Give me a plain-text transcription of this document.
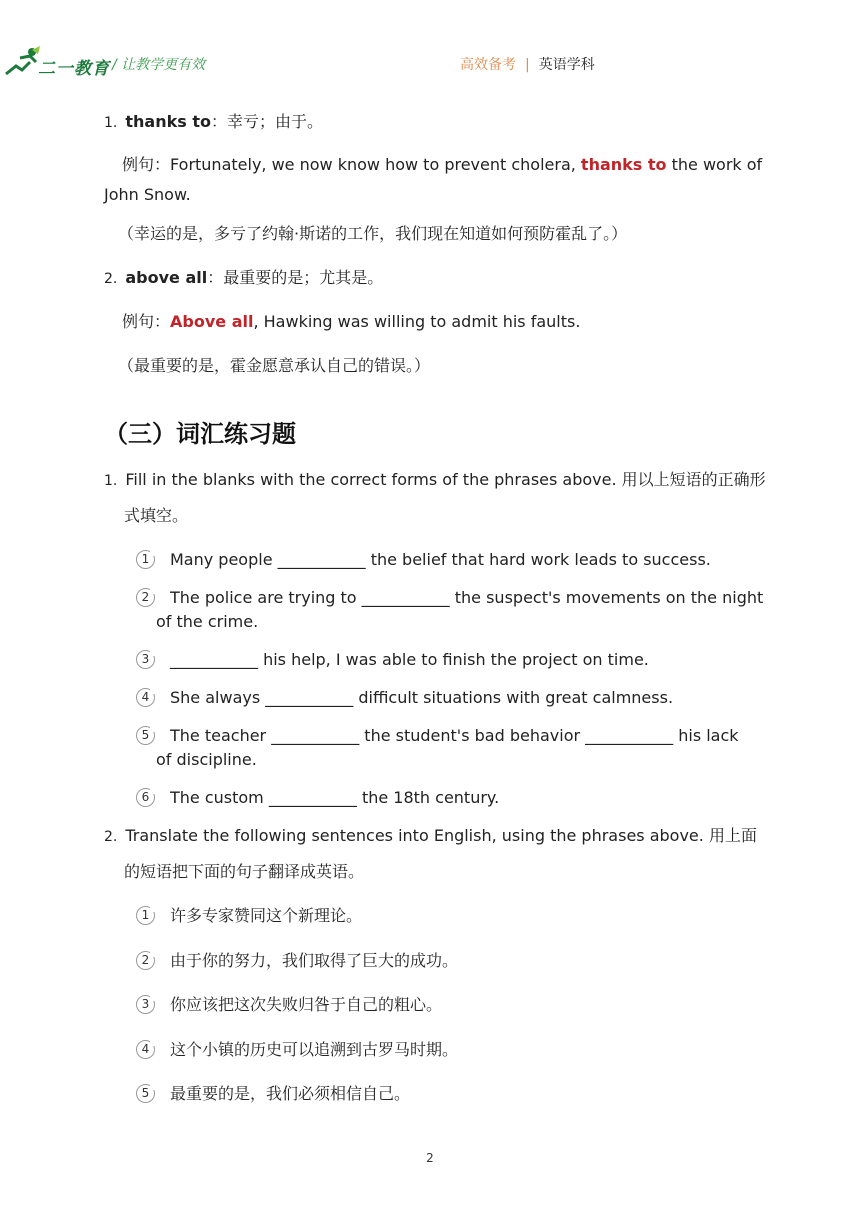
二一教育 / 让教学更有效	高效备考 | 英语学科
1. thanks to：幸亏；由于。
例句：Fortunately, we now know how to prevent cholera, thanks to the work of
John Snow.
（幸运的是，多亏了约翰·斯诺的工作，我们现在知道如何预防霍乱了。）
2. above all：最重要的是；尤其是。
例句：Above all, Hawking was willing to admit his faults.
（最重要的是，霍金愿意承认自己的错误。）
（三）词汇练习题
1. Fill in the blanks with the correct forms of the phrases above. 用以上短语的正确形
式填空。
1	Many people ___________ the belief that hard work leads to success.
2	The police are trying to ___________ the suspect's movements on the night
of the crime.
3	___________ his help, I was able to finish the project on time.
4	She always ___________ difficult situations with great calmness.
5	The teacher ___________ the student's bad behavior ___________ his lack
of discipline.
6	The custom ___________ the 18th century.
2. Translate the following sentences into English, using the phrases above. 用上面
的短语把下面的句子翻译成英语。
1	许多专家赞同这个新理论。
2	由于你的努力，我们取得了巨大的成功。
3	你应该把这次失败归咎于自己的粗心。
4	这个小镇的历史可以追溯到古罗马时期。
5	最重要的是，我们必须相信自己。
2
